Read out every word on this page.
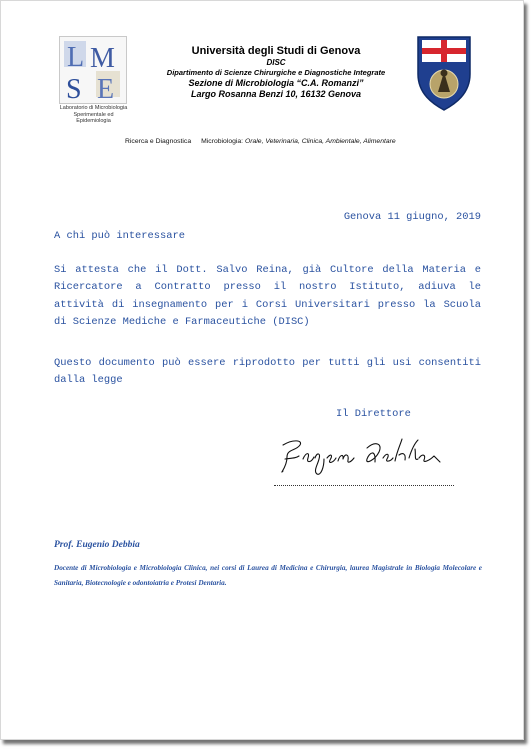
L M
S E
Laboratorio di Microbiologia
Sperimentale ed Epidemiologia
Università degli Studi di Genova
DISC
Dipartimento di Scienze Chirurgiche e Diagnostiche Integrate
Sezione di Microbiologia “C.A. Romanzi”
Largo Rosanna Benzi 10, 16132 Genova
Ricerca e Diagnostica Microbiologia: Orale, Veterinaria, Clinica, Ambientale, Alimentare
Genova 11 giugno, 2019
A chi può interessare

Si attesta che il Dott. Salvo Reina, già Cultore della Materia e Ricercatore a Contratto presso il nostro Istituto, adiuva le attività di insegnamento per i Corsi Universitari presso la Scuola di Scienze Mediche e Farmaceutiche (DISC)

Questo documento può essere riprodotto per tutti gli usi consentiti dalla legge

Il Direttore
Prof. Eugenio Debbia

Docente di Microbiologia e Microbiologia Clinica, nei corsi di Laurea di Medicina e Chirurgia, laurea Magistrale in Biologia Molecolare e Sanitaria, Biotecnologie e odontoiatria e Protesi Dentaria.
